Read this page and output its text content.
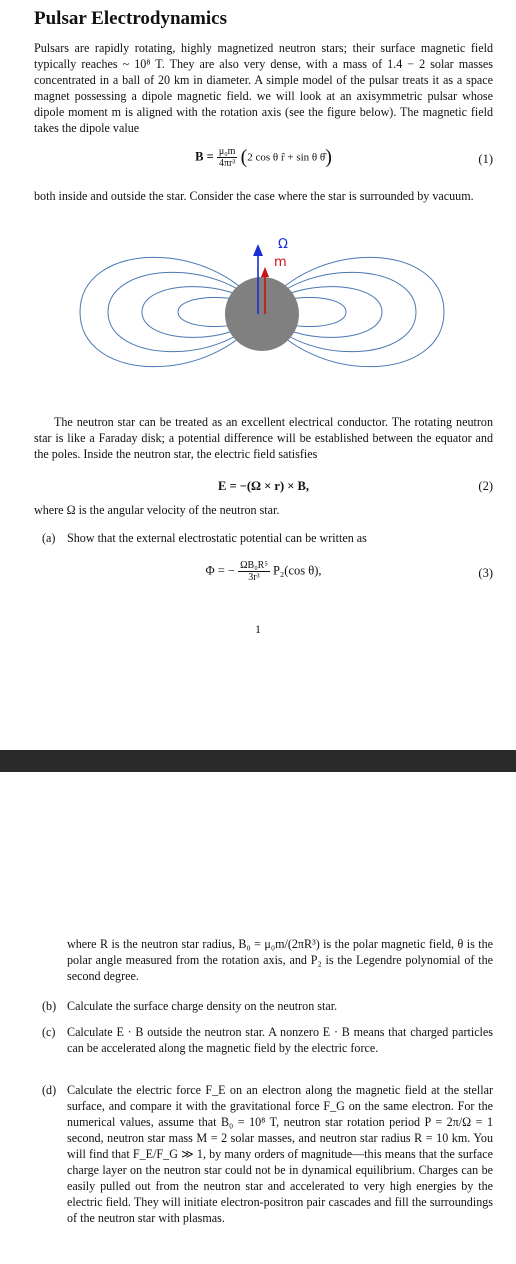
Pulsar Electrodynamics

Pulsars are rapidly rotating, highly magnetized neutron stars; their surface magnetic field typically reaches ~ 10⁸ T. They are also very dense, with a mass of 1.4 − 2 solar masses concentrated in a ball of 20 km in diameter. A simple model of the pulsar treats it as a space magnet possessing a dipole magnetic field. we will look at an axisymmetric pulsar whose dipole moment m is aligned with the rotation axis (see the figure below). The magnetic field takes the dipole value

$B = \frac{\text{μ₀m}}{\text{4πr³}} (2$ cos θ r̂ + sin θ θ̂)	(1)

both inside and outside the star. Consider the case where the star is surrounded by vacuum.

Ω
m

The neutron star can be treated as an excellent electrical conductor. The rotating neutron star is like a Faraday disk; a potential difference will be established between the equator and the poles. Inside the neutron star, the electric field satisfies

E = −(Ω × r) × B,	(2)

where Ω is the angular velocity of the neutron star.

(a) Show that the external electrostatic potential can be written as
Φ = − $\frac{\text{ΩB₀R⁵}}{\text{3r³}} P_2(\cos$ θ),	(3)
1

where R is the neutron star radius, B₀ = μ₀m/(2πR³) is the polar magnetic field, θ is the polar angle measured from the rotation axis, and P₂ is the Legendre polynomial of the second degree.

(b) Calculate the surface charge density on the neutron star.
(c) Calculate E · B outside the neutron star. A nonzero E · B means that charged particles can be accelerated along the magnetic field by the electric force.
(d) Calculate the electric force F_E on an electron along the magnetic field at the stellar surface, and compare it with the gravitational force F_G on the same electron. For the numerical values, assume that B₀ = 10⁸ T, neutron star rotation period P = 2π/Ω = 1 second, neutron star mass M = 2 solar masses, and neutron star radius R = 10 km. You will find that F_E/F_G ≫ 1, by many orders of magnitude—this means that the surface charge layer on the neutron star could not be in dynamical equilibrium. Charges can be easily pulled out from the neutron star and accelerated to very high energies by the electric field. They will initiate electron-positron pair cascades and fill the surroundings of the neutron star with plasmas.
